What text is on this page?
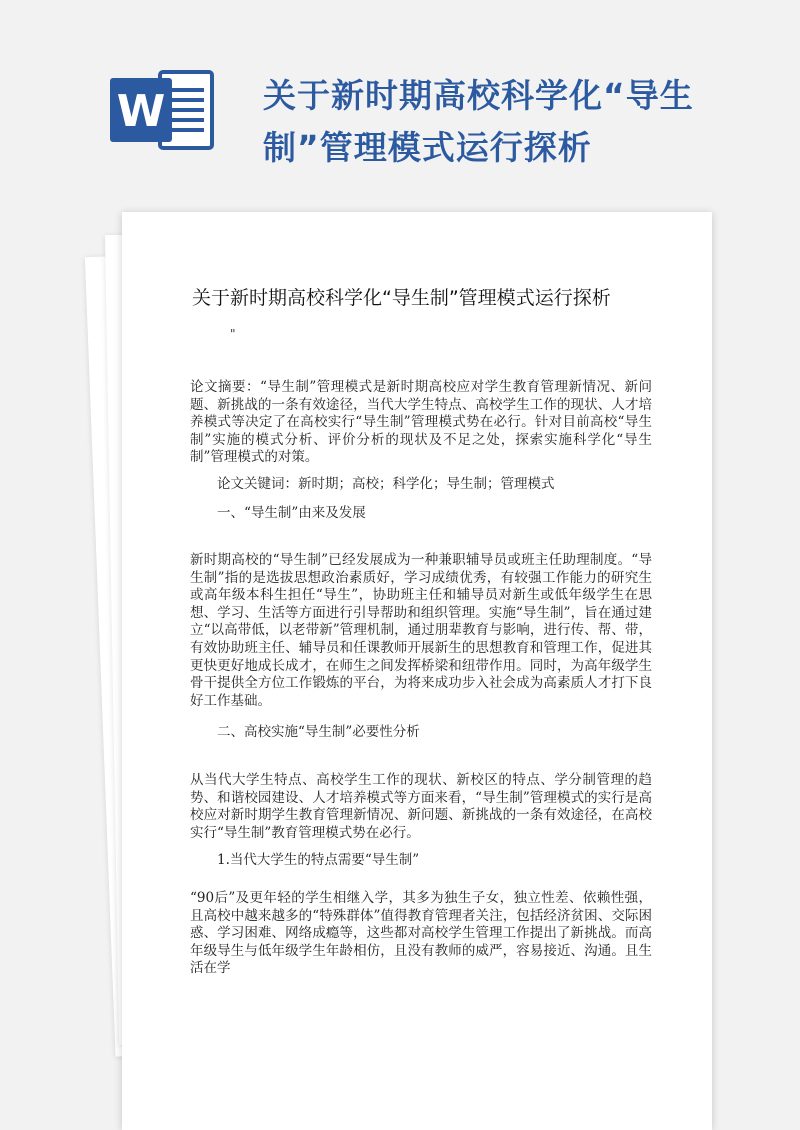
W	关于新时期高校科学化“导生
制”管理模式运行探析
关于新时期高校科学化“导生制”管理模式运行探析
"

论文摘要：“导生制”管理模式是新时期高校应对学生教育管理新情况、新问题、新挑战的一条有效途径，当代大学生特点、高校学生工作的现状、人才培养模式等决定了在高校实行“导生制”管理模式势在必行。针对目前高校“导生制”实施的模式分析、评价分析的现状及不足之处，探索实施科学化“导生制”管理模式的对策。

论文关键词：新时期；高校；科学化；导生制；管理模式
一、“导生制”由来及发展

新时期高校的“导生制”已经发展成为一种兼职辅导员或班主任助理制度。“导生制”指的是选拔思想政治素质好，学习成绩优秀，有较强工作能力的研究生或高年级本科生担任“导生”，协助班主任和辅导员对新生或低年级学生在思想、学习、生活等方面进行引导帮助和组织管理。实施“导生制”，旨在通过建立“以高带低，以老带新”管理机制，通过朋辈教育与影响，进行传、帮、带，有效协助班主任、辅导员和任课教师开展新生的思想教育和管理工作，促进其更快更好地成长成才，在师生之间发挥桥梁和纽带作用。同时，为高年级学生骨干提供全方位工作锻炼的平台，为将来成功步入社会成为高素质人才打下良好工作基础。

二、高校实施“导生制”必要性分析

从当代大学生特点、高校学生工作的现状、新校区的特点、学分制管理的趋势、和谐校园建设、人才培养模式等方面来看，“导生制”管理模式的实行是高校应对新时期学生教育管理新情况、新问题、新挑战的一条有效途径，在高校实行“导生制”教育管理模式势在必行。

1.当代大学生的特点需要“导生制”

“90后”及更年轻的学生相继入学，其多为独生子女，独立性差、依赖性强，且高校中越来越多的“特殊群体”值得教育管理者关注，包括经济贫困、交际困惑、学习困难、网络成瘾等，这些都对高校学生管理工作提出了新挑战。而高年级导生与低年级学生年龄相仿，且没有教师的威严，容易接近、沟通。且生活在学
